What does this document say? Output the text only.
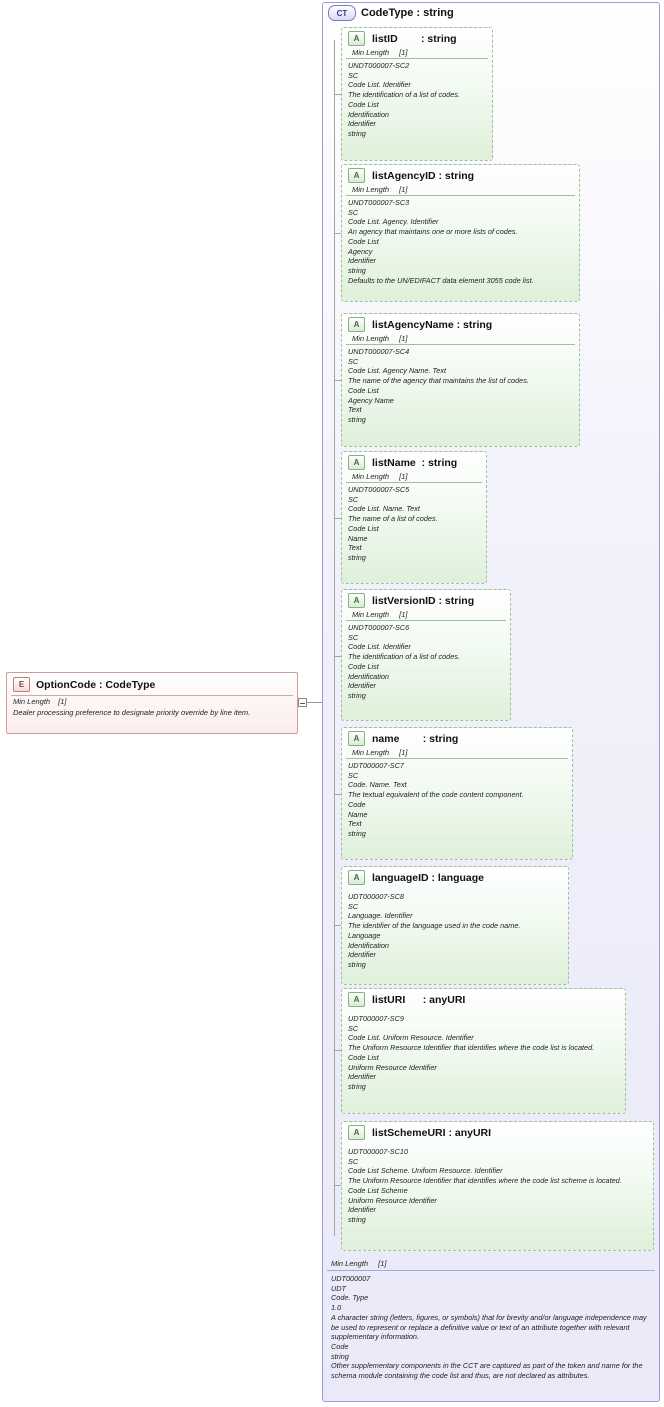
CT	CodeType : string
E	OptionCode : CodeType
Min Length [1]
Dealer processing preference to designate priority override by line item.
A	listID        : string
Min Length [1]
UNDT000007-SC2
SC
Code List. Identifier
The identification of a list of codes.
Code List
Identification
Identifier
string
A	listAgencyID : string
Min Length [1]
UNDT000007-SC3
SC
Code List. Agency. Identifier
An agency that maintains one or more lists of codes.
Code List
Agency
Identifier
string
Defaults to the UN/EDIFACT data element 3055 code list.
A	listAgencyName : string
Min Length [1]
UNDT000007-SC4
SC
Code List. Agency Name. Text
The name of the agency that maintains the list of codes.
Code List
Agency Name
Text
string
A	listName  : string
Min Length [1]
UNDT000007-SC5
SC
Code List. Name. Text
The name of a list of codes.
Code List
Name
Text
string
A	listVersionID : string
Min Length [1]
UNDT000007-SC6
SC
Code List. Identifier
The identification of a list of codes.
Code List
Identification
Identifier
string
A	name        : string
Min Length [1]
UDT000007-SC7
SC
Code. Name. Text
The textual equivalent of the code content component.
Code
Name
Text
string
A	languageID : language
UDT000007-SC8
SC
Language. Identifier
The identifier of the language used in the code name.
Language
Identification
Identifier
string
A	listURI      : anyURI
UDT000007-SC9
SC
Code List. Uniform Resource. Identifier
The Uniform Resource Identifier that identifies where the code list is located.
Code List
Uniform Resource Identifier
Identifier
string
A	listSchemeURI : anyURI
UDT000007-SC10
SC
Code List Scheme. Uniform Resource. Identifier
The Uniform Resource Identifier that identifies where the code list scheme is located.
Code List Scheme
Uniform Resource Identifier
Identifier
string
Min Length [1]
UDT000007
UDT
Code. Type
1.0
A character string (letters, figures, or symbols) that for brevity and/or language independence may be used to represent or replace a definitive value or text of an attribute together with relevant supplementary information.
Code
string
Other supplementary components in the CCT are captured as part of the token and name for the schema module containing the code list and thus, are not declared as attributes.
